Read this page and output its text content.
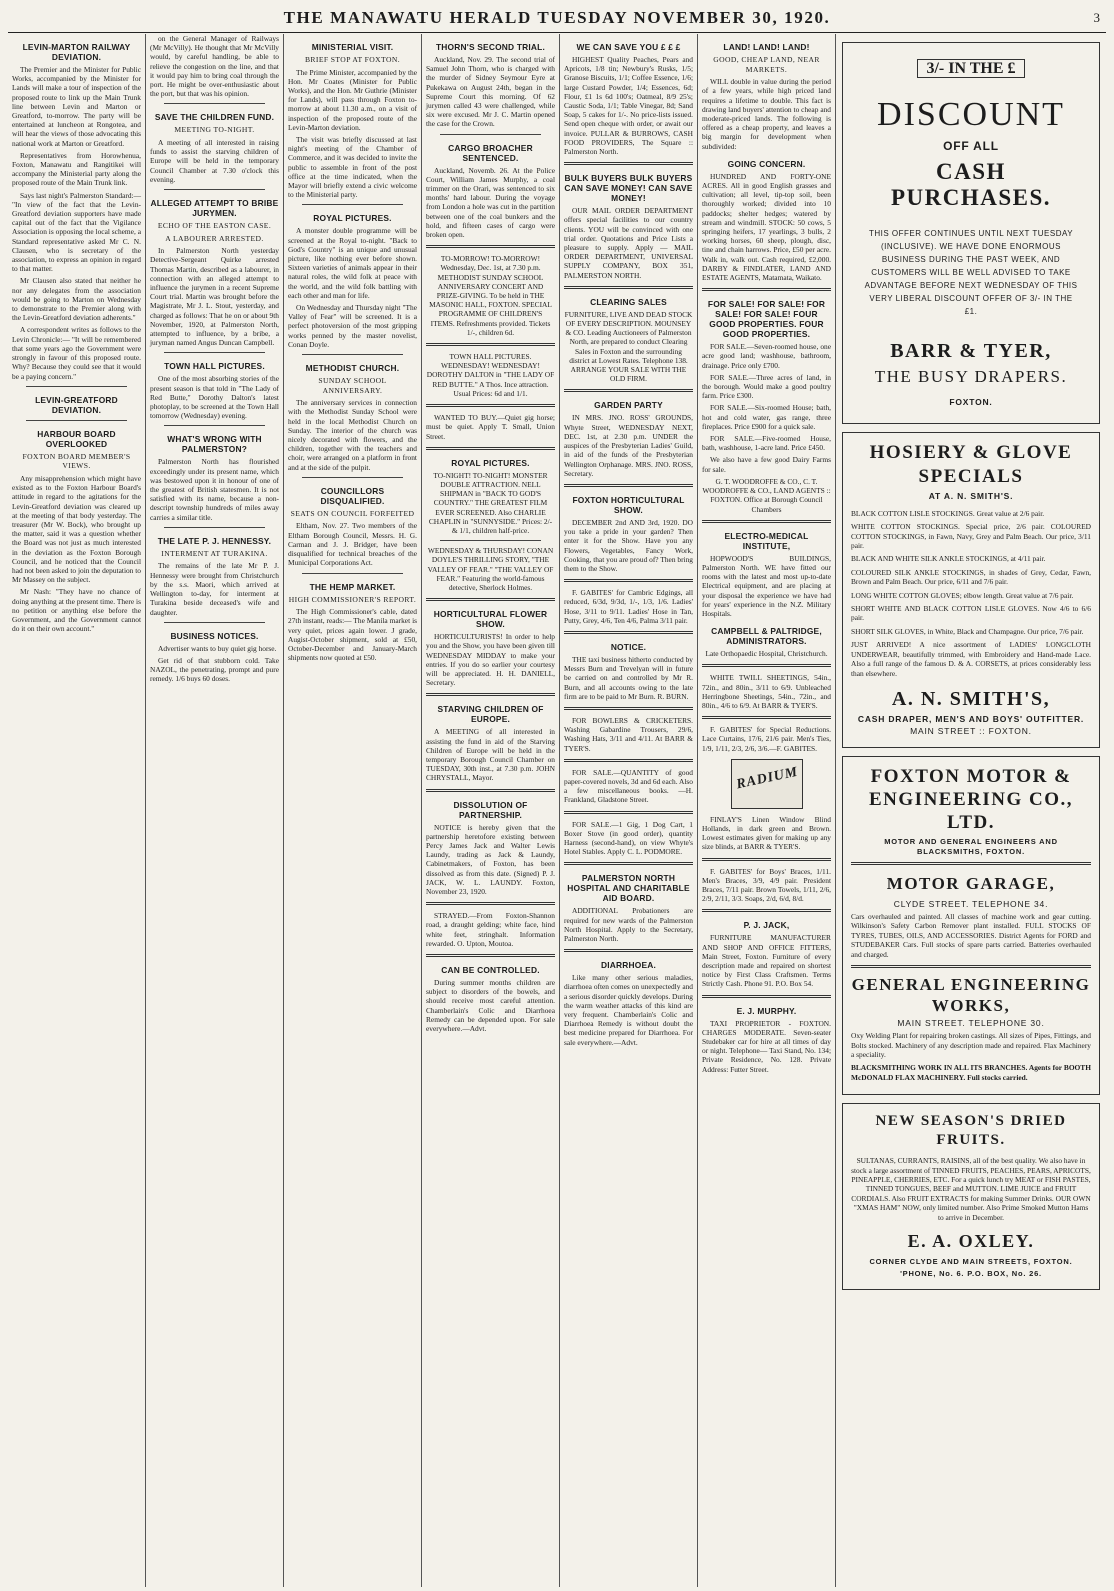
THE MANAWATU HERALD TUESDAY NOVEMBER 30, 1920.	3
LEVIN-MARTON RAILWAY DEVIATION.

The Premier and the Minister for Public Works, accompanied by the Minister for Lands will make a tour of inspection of the proposed route to link up the Main Trunk line between Levin and Marton or Greatford, to-morrow. The party will be entertained at luncheon at Rongotea, and will hear the views of those advocating this national work at Marton or Greatford.

Representatives from Horowhenua, Foxton, Manawatu and Rangitikei will accompany the Ministerial party along the proposed route of the Main Trunk link.

Says last night's Palmerston Standard:— "In view of the fact that the Levin-Greatford deviation supporters have made capital out of the fact that the Vigilance Association is opposing the local scheme, a Standard representative asked Mr C. N. Clausen, who is secretary of the association, to express an opinion in regard to that matter.

Mr Clausen also stated that neither he nor any delegates from the association would be going to Marton on Wednesday to demonstrate to the Premier along with the Levin-Greatford deviation adherents."

A correspondent writes as follows to the Levin Chronicle:— "It will be remembered that some years ago the Government were strongly in favour of this proposed route. Why? Because they could see that it would be a paying concern."

LEVIN-GREATFORD DEVIATION.
HARBOUR BOARD OVERLOOKED
FOXTON BOARD MEMBER'S VIEWS.

Any misapprehension which might have existed as to the Foxton Harbour Board's attitude in regard to the agitations for the Levin-Greatford deviation was cleared up at the meeting of that body yesterday. The treasurer (Mr W. Bock), who brought up the matter, said it was a question whether the Board was not just as much interested in the deviation as the Foxton Borough Council, and he noticed that the Council had not been asked to join the deputation to Mr Massey on the subject.

Mr Nash: "They have no chance of doing anything at the present time. There is no petition or anything else before the Government, and the Government cannot do it on their own account."

on the General Manager of Railways (Mr McVilly). He thought that Mr McVilly would, by careful handling, be able to relieve the congestion on the line, and that it would pay him to bring coal through the port. He might be over-enthusiastic about the port, but that was his opinion.

SAVE THE CHILDREN FUND.
MEETING TO-NIGHT.

A meeting of all interested in raising funds to assist the starving children of Europe will be held in the temporary Council Chamber at 7.30 o'clock this evening.

ALLEGED ATTEMPT TO BRIBE JURYMEN.
ECHO OF THE EASTON CASE.
A LABOURER ARRESTED.

In Palmerston North yesterday Detective-Sergeant Quirke arrested Thomas Martin, described as a labourer, in connection with an alleged attempt to influence the jurymen in a recent Supreme Court trial. Martin was brought before the Magistrate, Mr J. L. Stout, yesterday, and charged as follows: That he on or about 9th November, 1920, at Palmerston North, attempted to influence, by a bribe, a juryman named Angus Duncan Campbell.

TOWN HALL PICTURES.

One of the most absorbing stories of the present season is that told in "The Lady of Red Butte," Dorothy Dalton's latest photoplay, to be screened at the Town Hall tomorrow (Wednesday) evening.

WHAT'S WRONG WITH PALMERSTON?

Palmerston North has flourished exceedingly under its present name, which was bestowed upon it in honour of one of the greatest of British statesmen. It is not satisfied with its name, because a non-descript township hundreds of miles away carries a similar title.

THE LATE P. J. HENNESSY.
INTERMENT AT TURAKINA.

The remains of the late Mr P. J. Hennessy were brought from Christchurch by the s.s. Maori, which arrived at Wellington to-day, for interment at Turakina beside deceased's wife and daughter.

BUSINESS NOTICES.

Advertiser wants to buy quiet gig horse.

Get rid of that stubborn cold. Take NAZOL, the penetrating, prompt and pure remedy. 1/6 buys 60 doses.

MINISTERIAL VISIT.
BRIEF STOP AT FOXTON.

The Prime Minister, accompanied by the Hon. Mr Coates (Minister for Public Works), and the Hon. Mr Guthrie (Minister for Lands), will pass through Foxton to-morrow at about 11.30 a.m., on a visit of inspection of the proposed route of the Levin-Marton deviation.

The visit was briefly discussed at last night's meeting of the Chamber of Commerce, and it was decided to invite the public to assemble in front of the post office at the time indicated, when the Mayor will briefly extend a civic welcome to the Ministerial party.

ROYAL PICTURES.

A monster double programme will be screened at the Royal to-night. "Back to God's Country" is an unique and unusual picture, like nothing ever before shown. Sixteen varieties of animals appear in their natural roles, the wild folk at peace with the world, and the wild folk battling with each other and man for life.

On Wednesday and Thursday night "The Valley of Fear" will be screened. It is a perfect photoversion of the most gripping works penned by the master novelist, Conan Doyle.

METHODIST CHURCH.
SUNDAY SCHOOL ANNIVERSARY.

The anniversary services in connection with the Methodist Sunday School were held in the local Methodist Church on Sunday. The interior of the church was nicely decorated with flowers, and the children, together with the teachers and choir, were arranged on a platform in front and at the side of the pulpit.

COUNCILLORS DISQUALIFIED.
SEATS ON COUNCIL FORFEITED

Eltham, Nov. 27. Two members of the Eltham Borough Council, Messrs. H. G. Carman and J. J. Bridger, have been disqualified for technical breaches of the Municipal Corporations Act.

THE HEMP MARKET.
HIGH COMMISSIONER'S REPORT.

The High Commissioner's cable, dated 27th instant, reads:— The Manila market is very quiet, prices again lower. J grade, Augist-October shipment, sold at £50, October-December and January-March shipments now quoted at £50.

THORN'S SECOND TRIAL.

Auckland, Nov. 29. The second trial of Samuel John Thorn, who is charged with the murder of Sidney Seymour Eyre at Pukekawa on August 24th, began in the Supreme Court this morning. Of 62 jurymen called 43 were challenged, while six were excused. Mr J. C. Martin opened the case for the Crown.

CARGO BROACHER SENTENCED.

Auckland, Novemb. 26. At the Police Court, William James Murphy, a coal trimmer on the Orari, was sentenced to six months' hard labour. During the voyage from London a hole was cut in the partition between one of the coal bunkers and the hold, and fifteen cases of cargo were broken open.

TO-MORROW! TO-MORROW! Wednesday, Dec. 1st, at 7.30 p.m. METHODIST SUNDAY SCHOOL ANNIVERSARY CONCERT AND PRIZE-GIVING. To be held in THE MASONIC HALL, FOXTON. SPECIAL PROGRAMME OF CHILDREN'S ITEMS. Refreshments provided. Tickets 1/-, children 6d.

TOWN HALL PICTURES. WEDNESDAY! WEDNESDAY! DOROTHY DALTON in "THE LADY OF RED BUTTE." A Thos. Ince attraction. Usual Prices: 6d and 1/1.

WANTED TO BUY.—Quiet gig horse; must be quiet. Apply T. Small, Union Street.

ROYAL PICTURES.

TO-NIGHT! TO-NIGHT! MONSTER DOUBLE ATTRACTION. NELL SHIPMAN in "BACK TO GOD'S COUNTRY." THE GREATEST FILM EVER SCREENED. Also CHARLIE CHAPLIN in "SUNNYSIDE." Prices: 2/- & 1/1, children half-price.

WEDNESDAY & THURSDAY! CONAN DOYLE'S THRILLING STORY, "THE VALLEY OF FEAR." "THE VALLEY OF FEAR." Featuring the world-famous detective, Sherlock Holmes.

HORTICULTURAL FLOWER SHOW.

HORTICULTURISTS! In order to help you and the Show, you have been given till WEDNESDAY MIDDAY to make your entries. If you do so earlier your courtesy will be appreciated. H. H. DANIELL, Secretary.

STARVING CHILDREN OF EUROPE.

A MEETING of all interested in assisting the fund in aid of the Starving Children of Europe will be held in the temporary Borough Council Chamber on TUESDAY, 30th inst., at 7.30 p.m. JOHN CHRYSTALL, Mayor.

DISSOLUTION OF PARTNERSHIP.

NOTICE is hereby given that the partnership heretofore existing between Percy James Jack and Walter Lewis Laundy, trading as Jack & Laundy, Cabinetmakers, of Foxton, has been dissolved as from this date. (Signed) P. J. JACK, W. L. LAUNDY. Foxton, November 23, 1920.

STRAYED.—From Foxton-Shannon road, a draught gelding; white face, hind white feet, stringhalt. Information rewarded. O. Upton, Moutoa.

CAN BE CONTROLLED.

During summer months children are subject to disorders of the bowels, and should receive most careful attention. Chamberlain's Colic and Diarrhoea Remedy can be depended upon. For sale everywhere.—Advt.

WE CAN SAVE YOU £ £ £

HIGHEST Quality Peaches, Pears and Apricots, 1/8 tin; Newbury's Rusks, 1/5; Granose Biscuits, 1/1; Coffee Essence, 1/6; large Custard Powder, 1/4; Essences, 6d; Flour, £1 1s 6d 100's; Oatmeal, 8/9 25's; Caustic Soda, 1/1; Table Vinegar, 8d; Sand Soap, 5 cakes for 1/-. No price-lists issued. Send open cheque with order, or await our invoice. PULLAR & BURROWS, CASH FOOD PROVIDERS, The Square :: Palmerston North.

BULK BUYERS BULK BUYERS CAN SAVE MONEY! CAN SAVE MONEY!

OUR MAIL ORDER DEPARTMENT offers special facilities to our country clients. YOU will be convinced with one trial order. Quotations and Price Lists a pleasure to supply. Apply — MAIL ORDER DEPARTMENT, UNIVERSAL SUPPLY COMPANY, BOX 351, PALMERSTON NORTH.

CLEARING SALES

FURNITURE, LIVE AND DEAD STOCK OF EVERY DESCRIPTION. MOUNSEY & CO. Leading Auctioneers of Palmerston North, are prepared to conduct Clearing Sales in Foxton and the surrounding district at Lowest Rates. Telephone 138. ARRANGE YOUR SALE WITH THE OLD FIRM.

GARDEN PARTY

IN MRS. JNO. ROSS' GROUNDS, Whyte Street, WEDNESDAY NEXT, DEC. 1st, at 2.30 p.m. UNDER the auspices of the Presbyterian Ladies' Guild, in aid of the funds of the Presbyterian Wellington Orphanage. MRS. JNO. ROSS, Secretary.

FOXTON HORTICULTURAL SHOW.

DECEMBER 2nd AND 3rd, 1920. DO you take a pride in your garden? Then enter it for the Show. Have you any Flowers, Vegetables, Fancy Work, Cooking, that you are proud of? Then bring them to the Show.

F. GABITES' for Cambric Edgings, all reduced, 6/3d, 9/3d, 1/-, 1/3, 1/6. Ladies' Hose, 3/11 to 9/11. Ladies' Hose in Tan, Putty, Grey, 4/6, Ten 4/6, Palma 3/11 pair.

NOTICE.

THE taxi business hitherto conducted by Messrs Burn and Trevelyan will in future be carried on and controlled by Mr R. Burn, and all accounts owing to the late firm are to be paid to Mr Burn. R. BURN.

FOR BOWLERS & CRICKETERS. Washing Gabardine Trousers, 29/6, Washing Hats, 3/11 and 4/11. At BARR & TYER'S.

FOR SALE.—QUANTITY of good paper-covered novels, 3d and 6d each. Also a few miscellaneous books. —H. Frankland, Gladstone Street.

FOR SALE.—1 Gig, 1 Dog Cart, 1 Boxer Stove (in good order), quantity Harness (second-hand), on view Whyte's Hotel Stables. Apply C. L. PODMORE.

PALMERSTON NORTH HOSPITAL AND CHARITABLE AID BOARD.

ADDITIONAL Probationers are required for new wards of the Palmerston North Hospital. Apply to the Secretary, Palmerston North.

DIARRHOEA.

Like many other serious maladies, diarrhoea often comes on unexpectedly and a serious disorder quickly develops. During the warm weather attacks of this kind are very frequent. Chamberlain's Colic and Diarrhoea Remedy is without doubt the best medicine prepared for Diarrhoea. For sale everywhere.—Advt.

LAND! LAND! LAND!
GOOD, CHEAP LAND, NEAR MARKETS.

WILL double in value during the period of a few years, while high priced land requires a lifetime to double. This fact is drawing land buyers' attention to cheap and moderate-priced lands. The following is offered as a cheap property, and leaves a big margin for development when subdivided:

GOING CONCERN.

HUNDRED AND FORTY-ONE ACRES. All in good English grasses and cultivation; all level, tip-top soil, been thoroughly worked; divided into 10 paddocks; shelter hedges; watered by stream and windmill. STOCK: 50 cows, 5 springing heifers, 17 yearlings, 3 bulls, 2 working horses, 60 sheep, plough, disc, tine and chain harrows. Price, £50 per acre. Walk in, walk out. Cash required, £2,000. DARBY & FINDLATER, LAND AND ESTATE AGENTS, Matamata, Waikato.

FOR SALE! FOR SALE! FOR SALE! FOR SALE! FOUR GOOD PROPERTIES. FOUR GOOD PROPERTIES.

FOR SALE.—Seven-roomed house, one acre good land; washhouse, bathroom, drainage. Price only £700.

FOR SALE.—Three acres of land, in the borough. Would make a good poultry farm. Price £300.

FOR SALE.—Six-roomed House; bath, hot and cold water, gas range, three fireplaces. Price £900 for a quick sale.

FOR SALE.—Five-roomed House, bath, washhouse, 1-acre land. Price £450.

We also have a few good Dairy Farms for sale.

G. T. WOODROFFE & CO., C. T. WOODROFFE & CO., LAND AGENTS :: FOXTON. Office at Borough Council Chambers

ELECTRO-MEDICAL INSTITUTE,

HOPWOOD'S BUILDINGS, Palmerston North. WE have fitted our rooms with the latest and most up-to-date Electrical equipment, and are placing at your disposal the experience we have had for years' experience in the N.Z. Military Hospitals.

CAMPBELL & PALTRIDGE, ADMINISTRATORS.

Late Orthopaedic Hospital, Christchurch.

WHITE TWILL SHEETINGS, 54in., 72in., and 80in., 3/11 to 6/9. Unbleached Herringbone Sheetings, 54in., 72in., and 80in., 4/6 to 6/9. At BARR & TYER'S.

F. GABITES' for Special Reductions. Lace Curtains, 17/6, 21/6 pair. Men's Ties, 1/9, 1/11, 2/3, 2/6, 3/6.—F. GABITES.

RADIUM

FINLAY'S Linen Window Blind Hollands, in dark green and Brown. Lowest estimates given for making up any size blinds, at BARR & TYER'S.

F. GABITES' for Boys' Braces, 1/11. Men's Braces, 3/9, 4/9 pair. President Braces, 7/11 pair. Brown Towels, 1/11, 2/6, 2/9, 2/11, 3/3. Soaps, 2/d, 6/d, 8/d.

P. J. JACK,

FURNITURE MANUFACTURER AND SHOP AND OFFICE FITTERS, Main Street, Foxton. Furniture of every description made and repaired on shortest notice by First Class Craftsmen. Terms Strictly Cash. Phone 91. P.O. Box 54.

E. J. MURPHY.

TAXI PROPRIETOR - FOXTON. CHARGES MODERATE. Seven-seater Studebaker car for hire at all times of day or night. Telephone— Taxi Stand, No. 134; Private Residence, No. 128. Private Address: Futter Street.

3/- IN THE £
DISCOUNT
OFF ALL
CASH PURCHASES.
THIS OFFER CONTINUES UNTIL NEXT TUESDAY (INCLUSIVE). WE HAVE DONE ENORMOUS BUSINESS DURING THE PAST WEEK, AND CUSTOMERS WILL BE WELL ADVISED TO TAKE ADVANTAGE BEFORE NEXT WEDNESDAY OF THIS VERY LIBERAL DISCOUNT OFFER OF 3/- IN THE £1.
BARR & TYER,
THE BUSY DRAPERS.
FOXTON.
HOSIERY & GLOVE SPECIALS
AT A. N. SMITH'S.

BLACK COTTON LISLE STOCKINGS. Great value at 2/6 pair.

WHITE COTTON STOCKINGS. Special price, 2/6 pair. COLOURED COTTON STOCKINGS, in Fawn, Navy, Grey and Palm Beach. Our price, 3/11 pair.

BLACK AND WHITE SILK ANKLE STOCKINGS, at 4/11 pair.

COLOURED SILK ANKLE STOCKINGS, in shades of Grey, Cedar, Fawn, Brown and Palm Beach. Our price, 6/11 and 7/6 pair.

LONG WHITE COTTON GLOVES; elbow length. Great value at 7/6 pair.

SHORT WHITE AND BLACK COTTON LISLE GLOVES. Now 4/6 to 6/6 pair.

SHORT SILK GLOVES, in White, Black and Champagne. Our price, 7/6 pair.

JUST ARRIVED! A nice assortment of LADIES' LONGCLOTH UNDERWEAR, beautifully trimmed, with Embroidery and Hand-made Lace. Also a full range of the famous D. & A. CORSETS, at prices considerably less than elsewhere.

A. N. SMITH'S,
CASH DRAPER, MEN'S AND BOYS' OUTFITTER.
MAIN STREET :: FOXTON.
FOXTON MOTOR & ENGINEERING CO., LTD.
MOTOR AND GENERAL ENGINEERS AND BLACKSMITHS, FOXTON.
MOTOR GARAGE,
CLYDE STREET. TELEPHONE 34.

Cars overhauled and painted. All classes of machine work and gear cutting. Wilkinson's Safety Carbon Remover plant installed. FULL STOCKS OF TYRES, TUBES, OILS, AND ACCESSORIES. District Agents for FORD and STUDEBAKER Cars. Full stocks of spare parts carried. Batteries overhauled and charged.

GENERAL ENGINEERING WORKS,
MAIN STREET. TELEPHONE 30.

Oxy Welding Plant for repairing broken castings. All sizes of Pipes, Fittings, and Bolts stocked. Machinery of any description made and repaired. Flax Machinery a speciality.

BLACKSMITHING WORK IN ALL ITS BRANCHES. Agents for BOOTH McDONALD FLAX MACHINERY. Full stocks carried.

NEW SEASON'S DRIED FRUITS.

SULTANAS, CURRANTS, RAISINS, all of the best quality. We also have in stock a large assortment of TINNED FRUITS, PEACHES, PEARS, APRICOTS, PINEAPPLE, CHERRIES, ETC. For a quick lunch try MEAT or FISH PASTES, TINNED TONGUES, BEEF and MUTTON. LIME JUICE and FRUIT CORDIALS. Also FRUIT EXTRACTS for making Summer Drinks. OUR OWN "XMAS HAM" NOW, only limited number. Also Prime Smoked Mutton Hams to arrive in December.

E. A. OXLEY.
CORNER CLYDE AND MAIN STREETS, FOXTON.
'PHONE, No. 6. P.O. BOX, No. 26.
